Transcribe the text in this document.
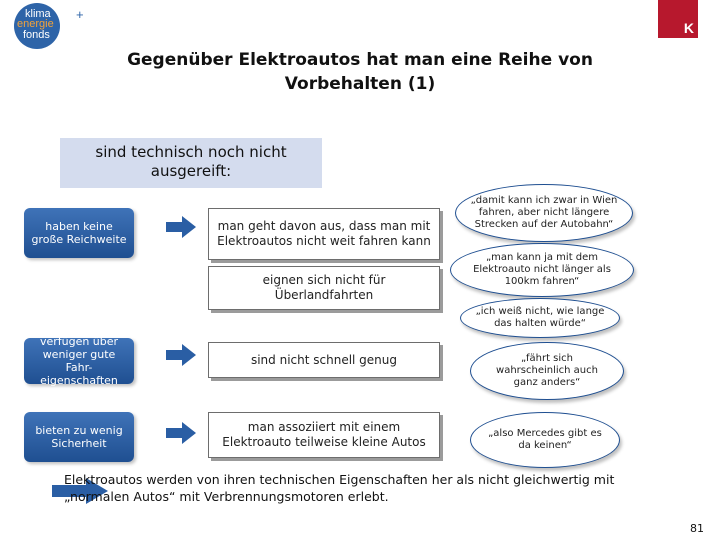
klima
energie
fonds
+
K
Gegenüber Elektroautos hat man eine Reihe von Vorbehalten (1)
sind technisch noch nicht ausgereift:
haben keine große Reichweite
man geht davon aus, dass man mit Elektroautos nicht weit fahren kann
eignen sich nicht für Überlandfahrten
verfügen über weniger gute Fahr-eigenschaften
sind nicht schnell genug
bieten zu wenig Sicherheit
man assoziiert mit einem Elektroauto teilweise kleine Autos
„damit kann ich zwar in Wien fahren, aber nicht längere Strecken auf der Autobahn“
„man kann ja mit dem Elektroauto nicht länger als 100km fahren“
„ich weiß nicht, wie lange das halten würde“
„fährt sich wahrscheinlich auch ganz anders“
„also Mercedes gibt es da keinen“
Elektroautos werden von ihren technischen Eigenschaften her als nicht gleichwertig mit „normalen Autos“ mit Verbrennungsmotoren erlebt.
81
